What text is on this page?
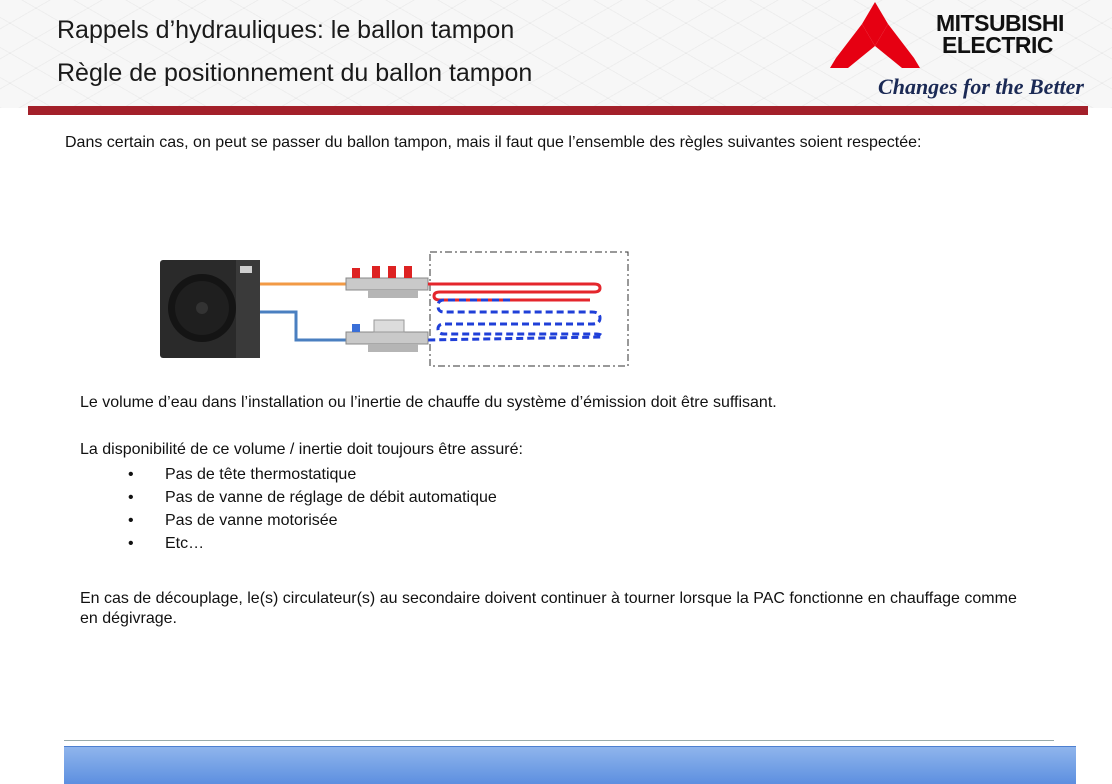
Rappels d’hydrauliques: le ballon tampon
Règle de positionnement du ballon tampon
MITSUBISHI
ELECTRIC
Changes for the Better
Dans certain cas, on peut se passer du ballon tampon, mais il faut que l’ensemble des règles suivantes soient respectée:
Le volume d’eau dans l’installation ou l’inertie de chauffe du système d’émission doit être suffisant.
La disponibilité de ce volume / inertie doit toujours être assuré:
• Pas de tête thermostatique
• Pas de vanne de réglage de débit automatique
• Pas de vanne motorisée
• Etc…
En cas de découplage, le(s) circulateur(s) au secondaire doivent continuer à tourner lorsque la PAC fonctionne en chauffage comme en dégivrage.
